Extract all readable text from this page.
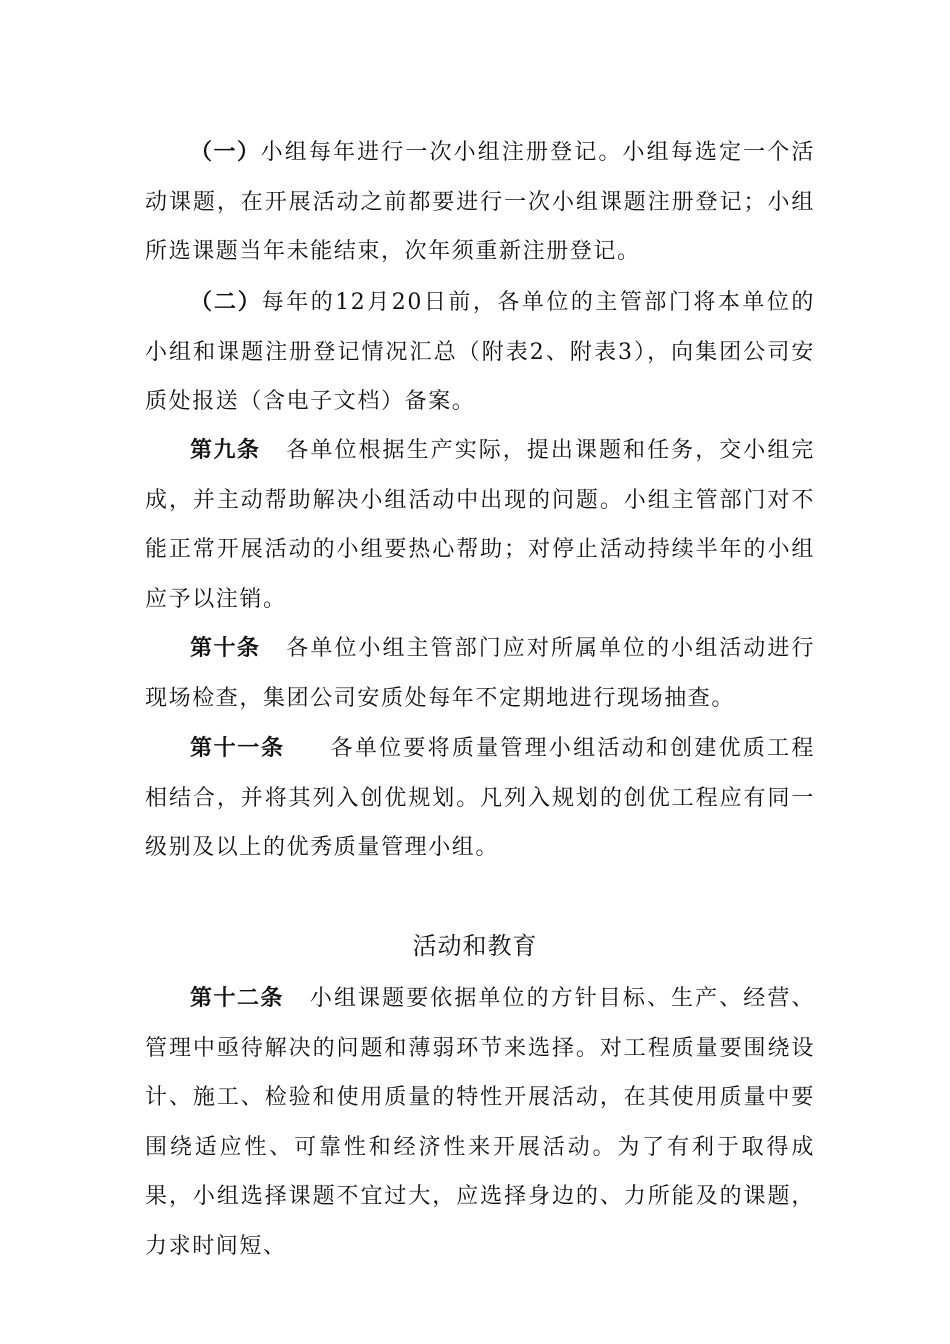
（一）小组每年进行一次小组注册登记。小组每选定一个活动课题，在开展活动之前都要进行一次小组课题注册登记；小组所选课题当年未能结束，次年须重新注册登记。

（二）每年的12月20日前，各单位的主管部门将本单位的小组和课题注册登记情况汇总（附表2、附表3），向集团公司安质处报送（含电子文档）备案。

第九条 各单位根据生产实际，提出课题和任务，交小组完成，并主动帮助解决小组活动中出现的问题。小组主管部门对不能正常开展活动的小组要热心帮助；对停止活动持续半年的小组应予以注销。

第十条 各单位小组主管部门应对所属单位的小组活动进行现场检查，集团公司安质处每年不定期地进行现场抽查。

第十一条 各单位要将质量管理小组活动和创建优质工程相结合，并将其列入创优规划。凡列入规划的创优工程应有同一级别及以上的优秀质量管理小组。

活动和教育

第十二条 小组课题要依据单位的方针目标、生产、经营、管理中亟待解决的问题和薄弱环节来选择。对工程质量要围绕设计、施工、检验和使用质量的特性开展活动，在其使用质量中要围绕适应性、可靠性和经济性来开展活动。为了有利于取得成果，小组选择课题不宜过大，应选择身边的、力所能及的课题，力求时间短、
